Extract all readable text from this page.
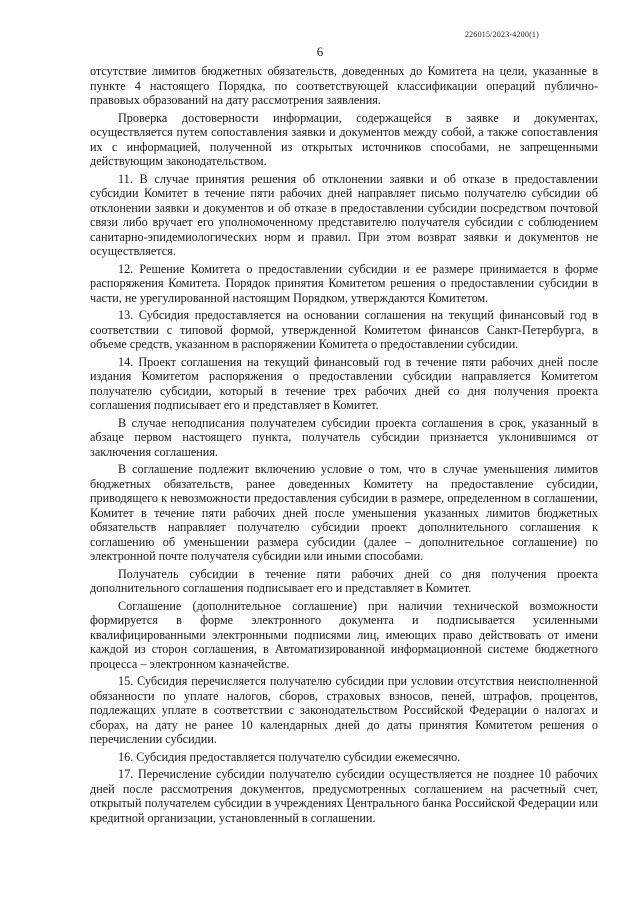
226015/2023-4200(1)
6

отсутствие лимитов бюджетных обязательств, доведенных до Комитета на цели, указанные в пункте 4 настоящего Порядка, по соответствующей классификации операций публично-правовых образований на дату рассмотрения заявления.

Проверка достоверности информации, содержащейся в заявке и документах, осуществляется путем сопоставления заявки и документов между собой, а также сопоставления их с информацией, полученной из открытых источников способами, не запрещенными действующим законодательством.

11. В случае принятия решения об отклонении заявки и об отказе в предоставлении субсидии Комитет в течение пяти рабочих дней направляет письмо получателю субсидии об отклонении заявки и документов и об отказе в предоставлении субсидии посредством почтовой связи либо вручает его уполномоченному представителю получателя субсидии с соблюдением санитарно-эпидемиологических норм и правил. При этом возврат заявки и документов не осуществляется.

12. Решение Комитета о предоставлении субсидии и ее размере принимается в форме распоряжения Комитета. Порядок принятия Комитетом решения о предоставлении субсидии в части, не урегулированной настоящим Порядком, утверждаются Комитетом.

13. Субсидия предоставляется на основании соглашения на текущий финансовый год в соответствии с типовой формой, утвержденной Комитетом финансов Санкт-Петербурга, в объеме средств, указанном в распоряжении Комитета о предоставлении субсидии.

14. Проект соглашения на текущий финансовый год в течение пяти рабочих дней после издания Комитетом распоряжения о предоставлении субсидии направляется Комитетом получателю субсидии, который в течение трех рабочих дней со дня получения проекта соглашения подписывает его и представляет в Комитет.

В случае неподписания получателем субсидии проекта соглашения в срок, указанный в абзаце первом настоящего пункта, получатель субсидии признается уклонившимся от заключения соглашения.

В соглашение подлежит включению условие о том, что в случае уменьшения лимитов бюджетных обязательств, ранее доведенных Комитету на предоставление субсидии, приводящего к невозможности предоставления субсидии в размере, определенном в соглашении, Комитет в течение пяти рабочих дней после уменьшения указанных лимитов бюджетных обязательств направляет получателю субсидии проект дополнительного соглашения к соглашению об уменьшении размера субсидии (далее – дополнительное соглашение) по электронной почте получателя субсидии или иными способами.

Получатель субсидии в течение пяти рабочих дней со дня получения проекта дополнительного соглашения подписывает его и представляет в Комитет.

Соглашение (дополнительное соглашение) при наличии технической возможности формируется в форме электронного документа и подписывается усиленными квалифицированными электронными подписями лиц, имеющих право действовать от имени каждой из сторон соглашения, в Автоматизированной информационной системе бюджетного процесса – электронном казначействе.

15. Субсидия перечисляется получателю субсидии при условии отсутствия неисполненной обязанности по уплате налогов, сборов, страховых взносов, пеней, штрафов, процентов, подлежащих уплате в соответствии с законодательством Российской Федерации о налогах и сборах, на дату не ранее 10 календарных дней до даты принятия Комитетом решения о перечислении субсидии.

16. Субсидия предоставляется получателю субсидии ежемесячно.

17. Перечисление субсидии получателю субсидии осуществляется не позднее 10 рабочих дней после рассмотрения документов, предусмотренных соглашением на расчетный счет, открытый получателем субсидии в учреждениях Центрального банка Российской Федерации или кредитной организации, установленный в соглашении.
